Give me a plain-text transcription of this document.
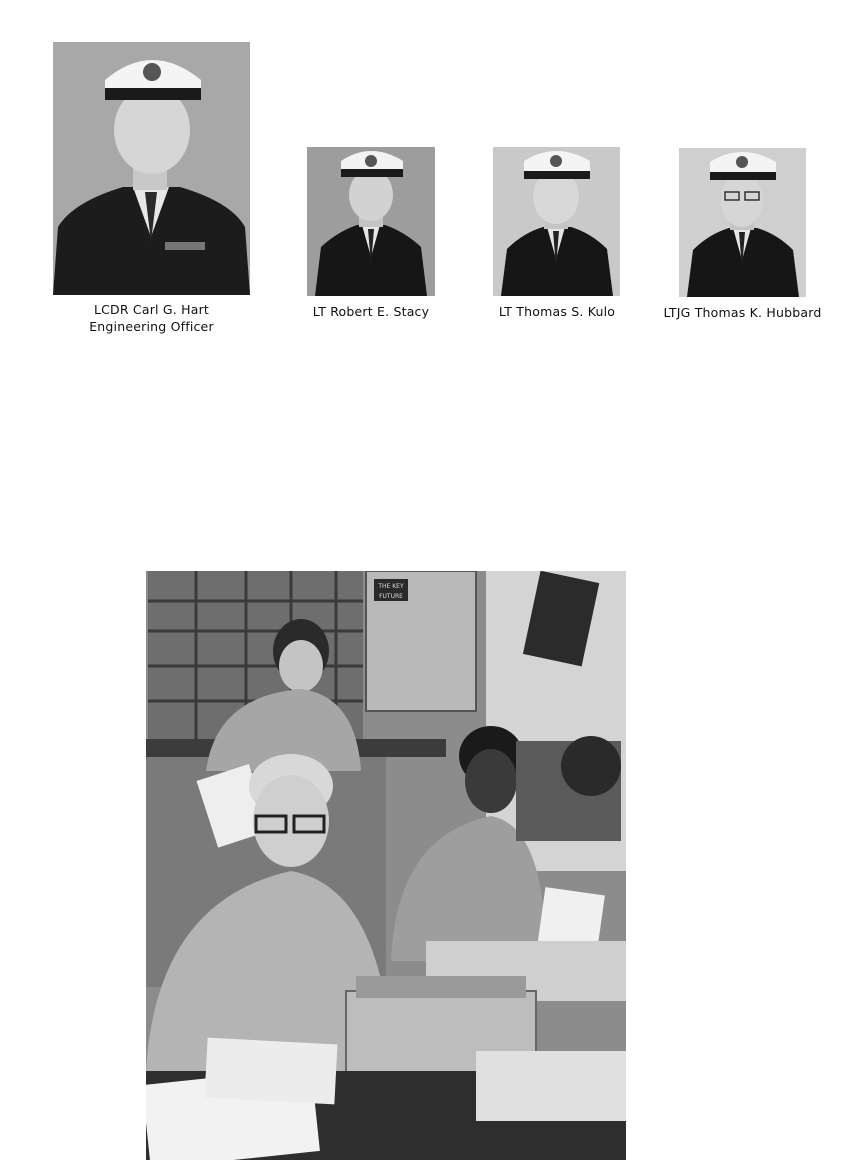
LCDR Carl G. Hart
Engineering Officer
LT Robert E. Stacy	LT Thomas S. Kulo	LTJG Thomas K. Hubbard
THE KEY
FUTURE
